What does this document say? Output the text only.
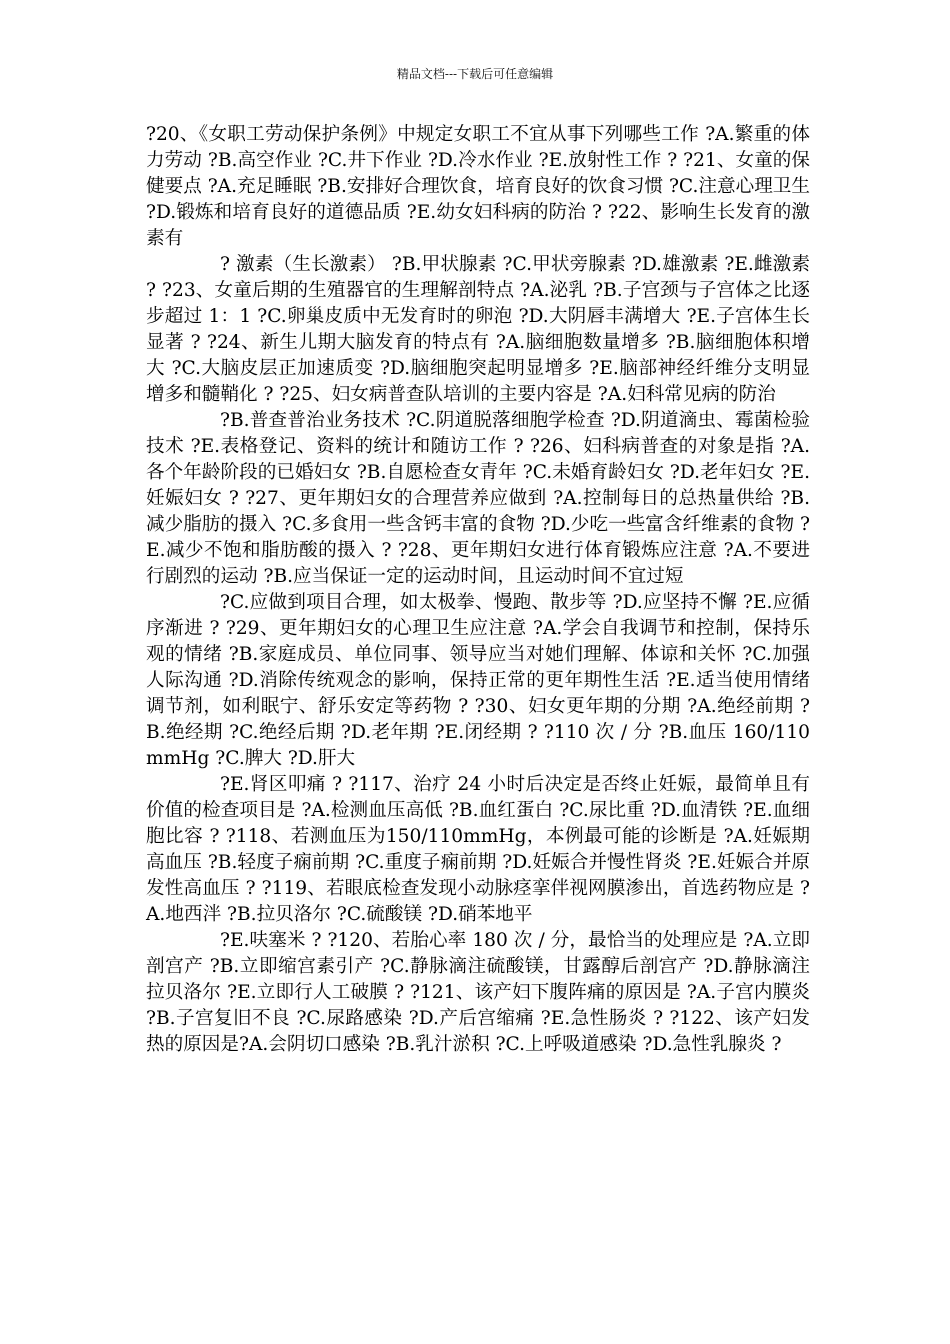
精品文档---下载后可任意编辑

?20、《女职工劳动保护条例》中规定女职工不宜从事下列哪些工作 ?A.繁重的体力劳动 ?B.高空作业 ?C.井下作业 ?D.冷水作业 ?E.放射性工作 ? ?21、女童的保健要点 ?A.充足睡眠 ?B.安排好合理饮食，培育良好的饮食习惯 ?C.注意心理卫生 ?D.锻炼和培育良好的道德品质 ?E.幼女妇科病的防治 ? ?22、影响生长发育的激素有

? 激素（生长激素） ?B.甲状腺素 ?C.甲状旁腺素 ?D.雄激素 ?E.雌激素 ? ?23、女童后期的生殖器官的生理解剖特点 ?A.泌乳 ?B.子宫颈与子宫体之比逐步超过 1：1 ?C.卵巢皮质中无发育时的卵泡 ?D.大阴唇丰满增大 ?E.子宫体生长显著 ? ?24、新生儿期大脑发育的特点有 ?A.脑细胞数量增多 ?B.脑细胞体积增大 ?C.大脑皮层正加速质变 ?D.脑细胞突起明显增多 ?E.脑部神经纤维分支明显增多和髓鞘化 ? ?25、妇女病普查队培训的主要内容是 ?A.妇科常见病的防治

?B.普查普治业务技术 ?C.阴道脱落细胞学检查 ?D.阴道滴虫、霉菌检验技术 ?E.表格登记、资料的统计和随访工作 ? ?26、妇科病普查的对象是指 ?A.各个年龄阶段的已婚妇女 ?B.自愿检查女青年 ?C.未婚育龄妇女 ?D.老年妇女 ?E.妊娠妇女 ? ?27、更年期妇女的合理营养应做到 ?A.控制每日的总热量供给 ?B.减少脂肪的摄入 ?C.多食用一些含钙丰富的食物 ?D.少吃一些富含纤维素的食物 ?E.减少不饱和脂肪酸的摄入 ? ?28、更年期妇女进行体育锻炼应注意 ?A.不要进行剧烈的运动 ?B.应当保证一定的运动时间，且运动时间不宜过短

?C.应做到项目合理，如太极拳、慢跑、散步等 ?D.应坚持不懈 ?E.应循序渐进 ? ?29、更年期妇女的心理卫生应注意 ?A.学会自我调节和控制，保持乐观的情绪 ?B.家庭成员、单位同事、领导应当对她们理解、体谅和关怀 ?C.加强人际沟通 ?D.消除传统观念的影响，保持正常的更年期性生活 ?E.适当使用情绪调节剂，如利眠宁、舒乐安定等药物 ? ?30、妇女更年期的分期 ?A.绝经前期 ?B.绝经期 ?C.绝经后期 ?D.老年期 ?E.闭经期 ? ?110 次 / 分 ?B.血压 160/110mmHg ?C.脾大 ?D.肝大

?E.肾区叩痛 ? ?117、治疗 24 小时后决定是否终止妊娠，最简单且有价值的检查项目是 ?A.检测血压高低 ?B.血红蛋白 ?C.尿比重 ?D.血清铁 ?E.血细胞比容 ? ?118、若测血压为150/110mmHg，本例最可能的诊断是 ?A.妊娠期高血压 ?B.轻度子痫前期 ?C.重度子痫前期 ?D.妊娠合并慢性肾炎 ?E.妊娠合并原发性高血压 ? ?119、若眼底检查发现小动脉痉挛伴视网膜渗出，首选药物应是 ?A.地西泮 ?B.拉贝洛尔 ?C.硫酸镁 ?D.硝苯地平

?E.呋塞米 ? ?120、若胎心率 180 次 / 分，最恰当的处理应是 ?A.立即剖宫产 ?B.立即缩宫素引产 ?C.静脉滴注硫酸镁，甘露醇后剖宫产 ?D.静脉滴注拉贝洛尔 ?E.立即行人工破膜 ? ?121、该产妇下腹阵痛的原因是 ?A.子宫内膜炎 ?B.子宫复旧不良 ?C.尿路感染 ?D.产后宫缩痛 ?E.急性肠炎 ? ?122、该产妇发热的原因是?A.会阴切口感染 ?B.乳汁淤积 ?C.上呼吸道感染 ?D.急性乳腺炎 ?
